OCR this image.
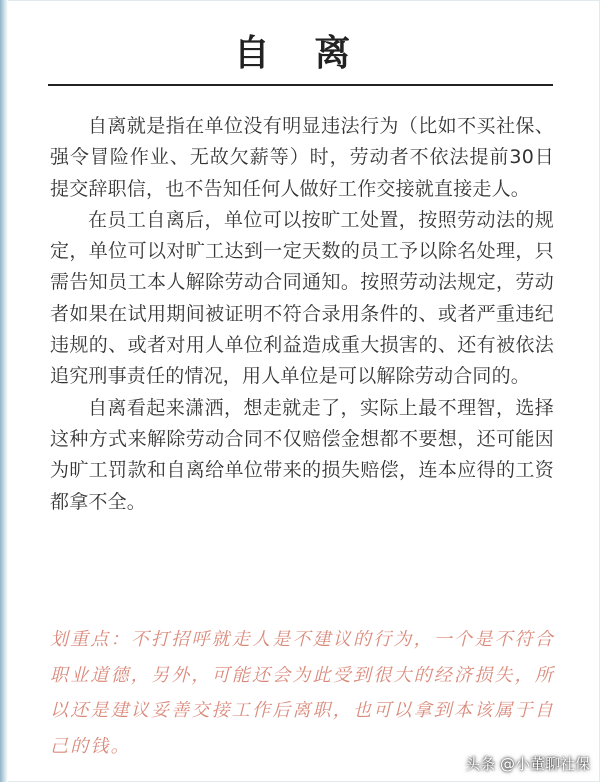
自 离

自离就是指在单位没有明显违法行为（比如不买社保、强令冒险作业、无故欠薪等）时，劳动者不依法提前30日提交辞职信，也不告知任何人做好工作交接就直接走人。

在员工自离后，单位可以按旷工处置，按照劳动法的规定，单位可以对旷工达到一定天数的员工予以除名处理，只需告知员工本人解除劳动合同通知。按照劳动法规定，劳动者如果在试用期间被证明不符合录用条件的、或者严重违纪违规的、或者对用人单位利益造成重大损害的、还有被依法追究刑事责任的情况，用人单位是可以解除劳动合同的。

自离看起来潇洒，想走就走了，实际上最不理智，选择这种方式来解除劳动合同不仅赔偿金想都不要想，还可能因为旷工罚款和自离给单位带来的损失赔偿，连本应得的工资都拿不全。

划重点：不打招呼就走人是不建议的行为，一个是不符合职业道德，另外，可能还会为此受到很大的经济损失，所以还是建议妥善交接工作后离职，也可以拿到本该属于自己的钱。
头条 @小董聊社保
